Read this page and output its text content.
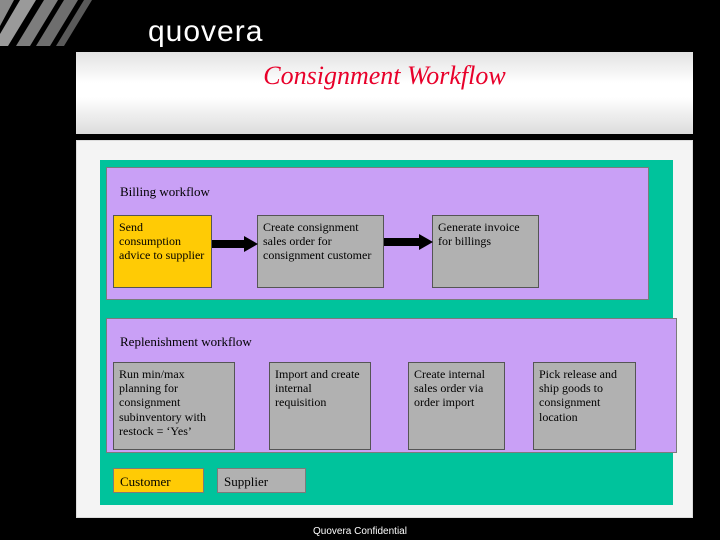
quovera
Consignment Workflow
Billing workflow
Send consumption advice to supplier
Create consignment sales order for consignment customer
Generate invoice for billings
Replenishment workflow
Run min/max planning for consignment subinventory with restock = ‘Yes’
Import and create internal requisition
Create internal sales order via order import
Pick release and ship goods to consignment location
Customer	Supplier
Quovera Confidential
